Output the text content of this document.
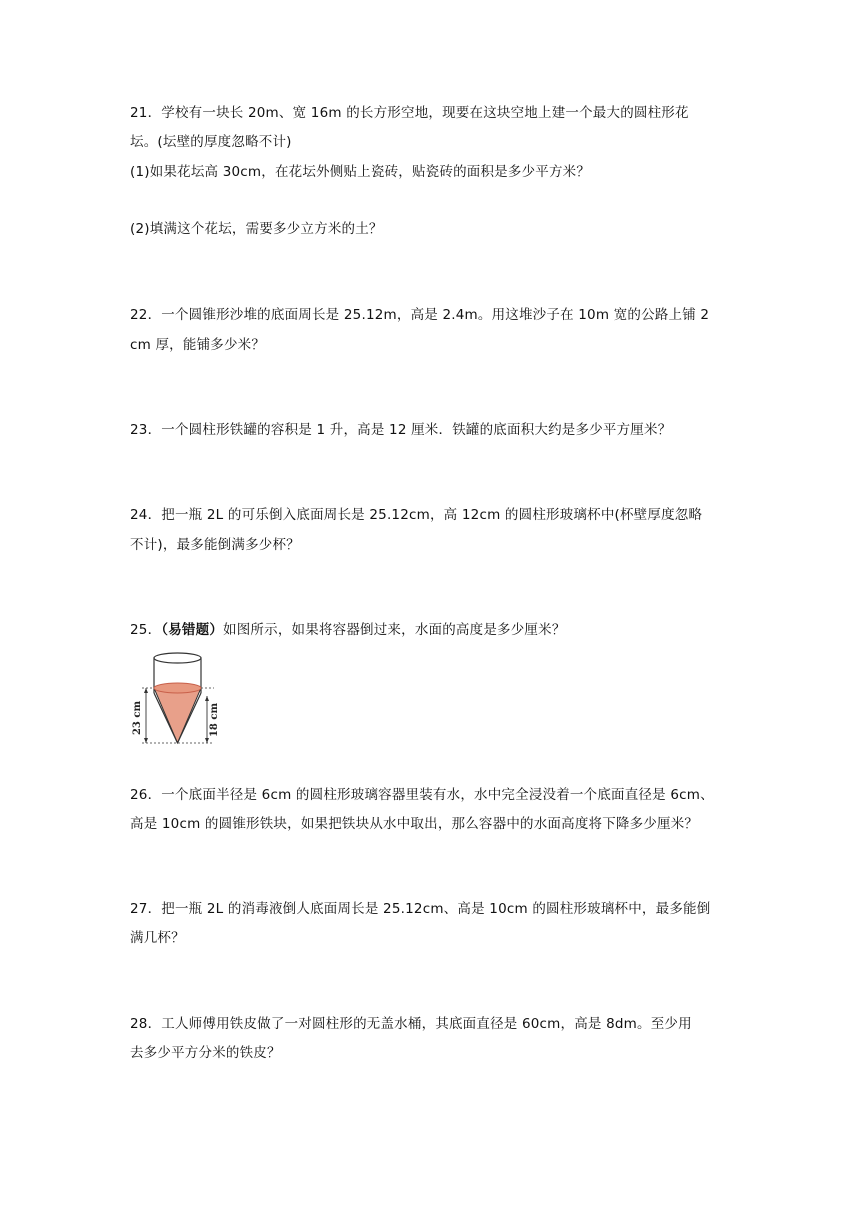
21．学校有一块长 20m、宽 16m 的长方形空地，现要在这块空地上建一个最大的圆柱形花
坛。(坛壁的厚度忽略不计)
(1)如果花坛高 30cm，在花坛外侧贴上瓷砖，贴瓷砖的面积是多少平方米？
(2)填满这个花坛，需要多少立方米的土？
22．一个圆锥形沙堆的底面周长是 25.12m，高是 2.4m。用这堆沙子在 10m 宽的公路上铺 2
cm 厚，能铺多少米？
23．一个圆柱形铁罐的容积是 1 升，高是 12 厘米．铁罐的底面积大约是多少平方厘米？
24．把一瓶 2L 的可乐倒入底面周长是 25.12cm，高 12cm 的圆柱形玻璃杯中(杯壁厚度忽略
不计)，最多能倒满多少杯？
25．（易错题）如图所示，如果将容器倒过来，水面的高度是多少厘米？
23 cm	18 cm
26．一个底面半径是 6cm 的圆柱形玻璃容器里装有水，水中完全浸没着一个底面直径是 6cm、
高是 10cm 的圆锥形铁块，如果把铁块从水中取出，那么容器中的水面高度将下降多少厘米？
27．把一瓶 2L 的消毒液倒人底面周长是 25.12cm、高是 10cm 的圆柱形玻璃杯中，最多能倒
满几杯？
28．工人师傅用铁皮做了一对圆柱形的无盖水桶，其底面直径是 60cm，高是 8dm。至少用
去多少平方分米的铁皮？
